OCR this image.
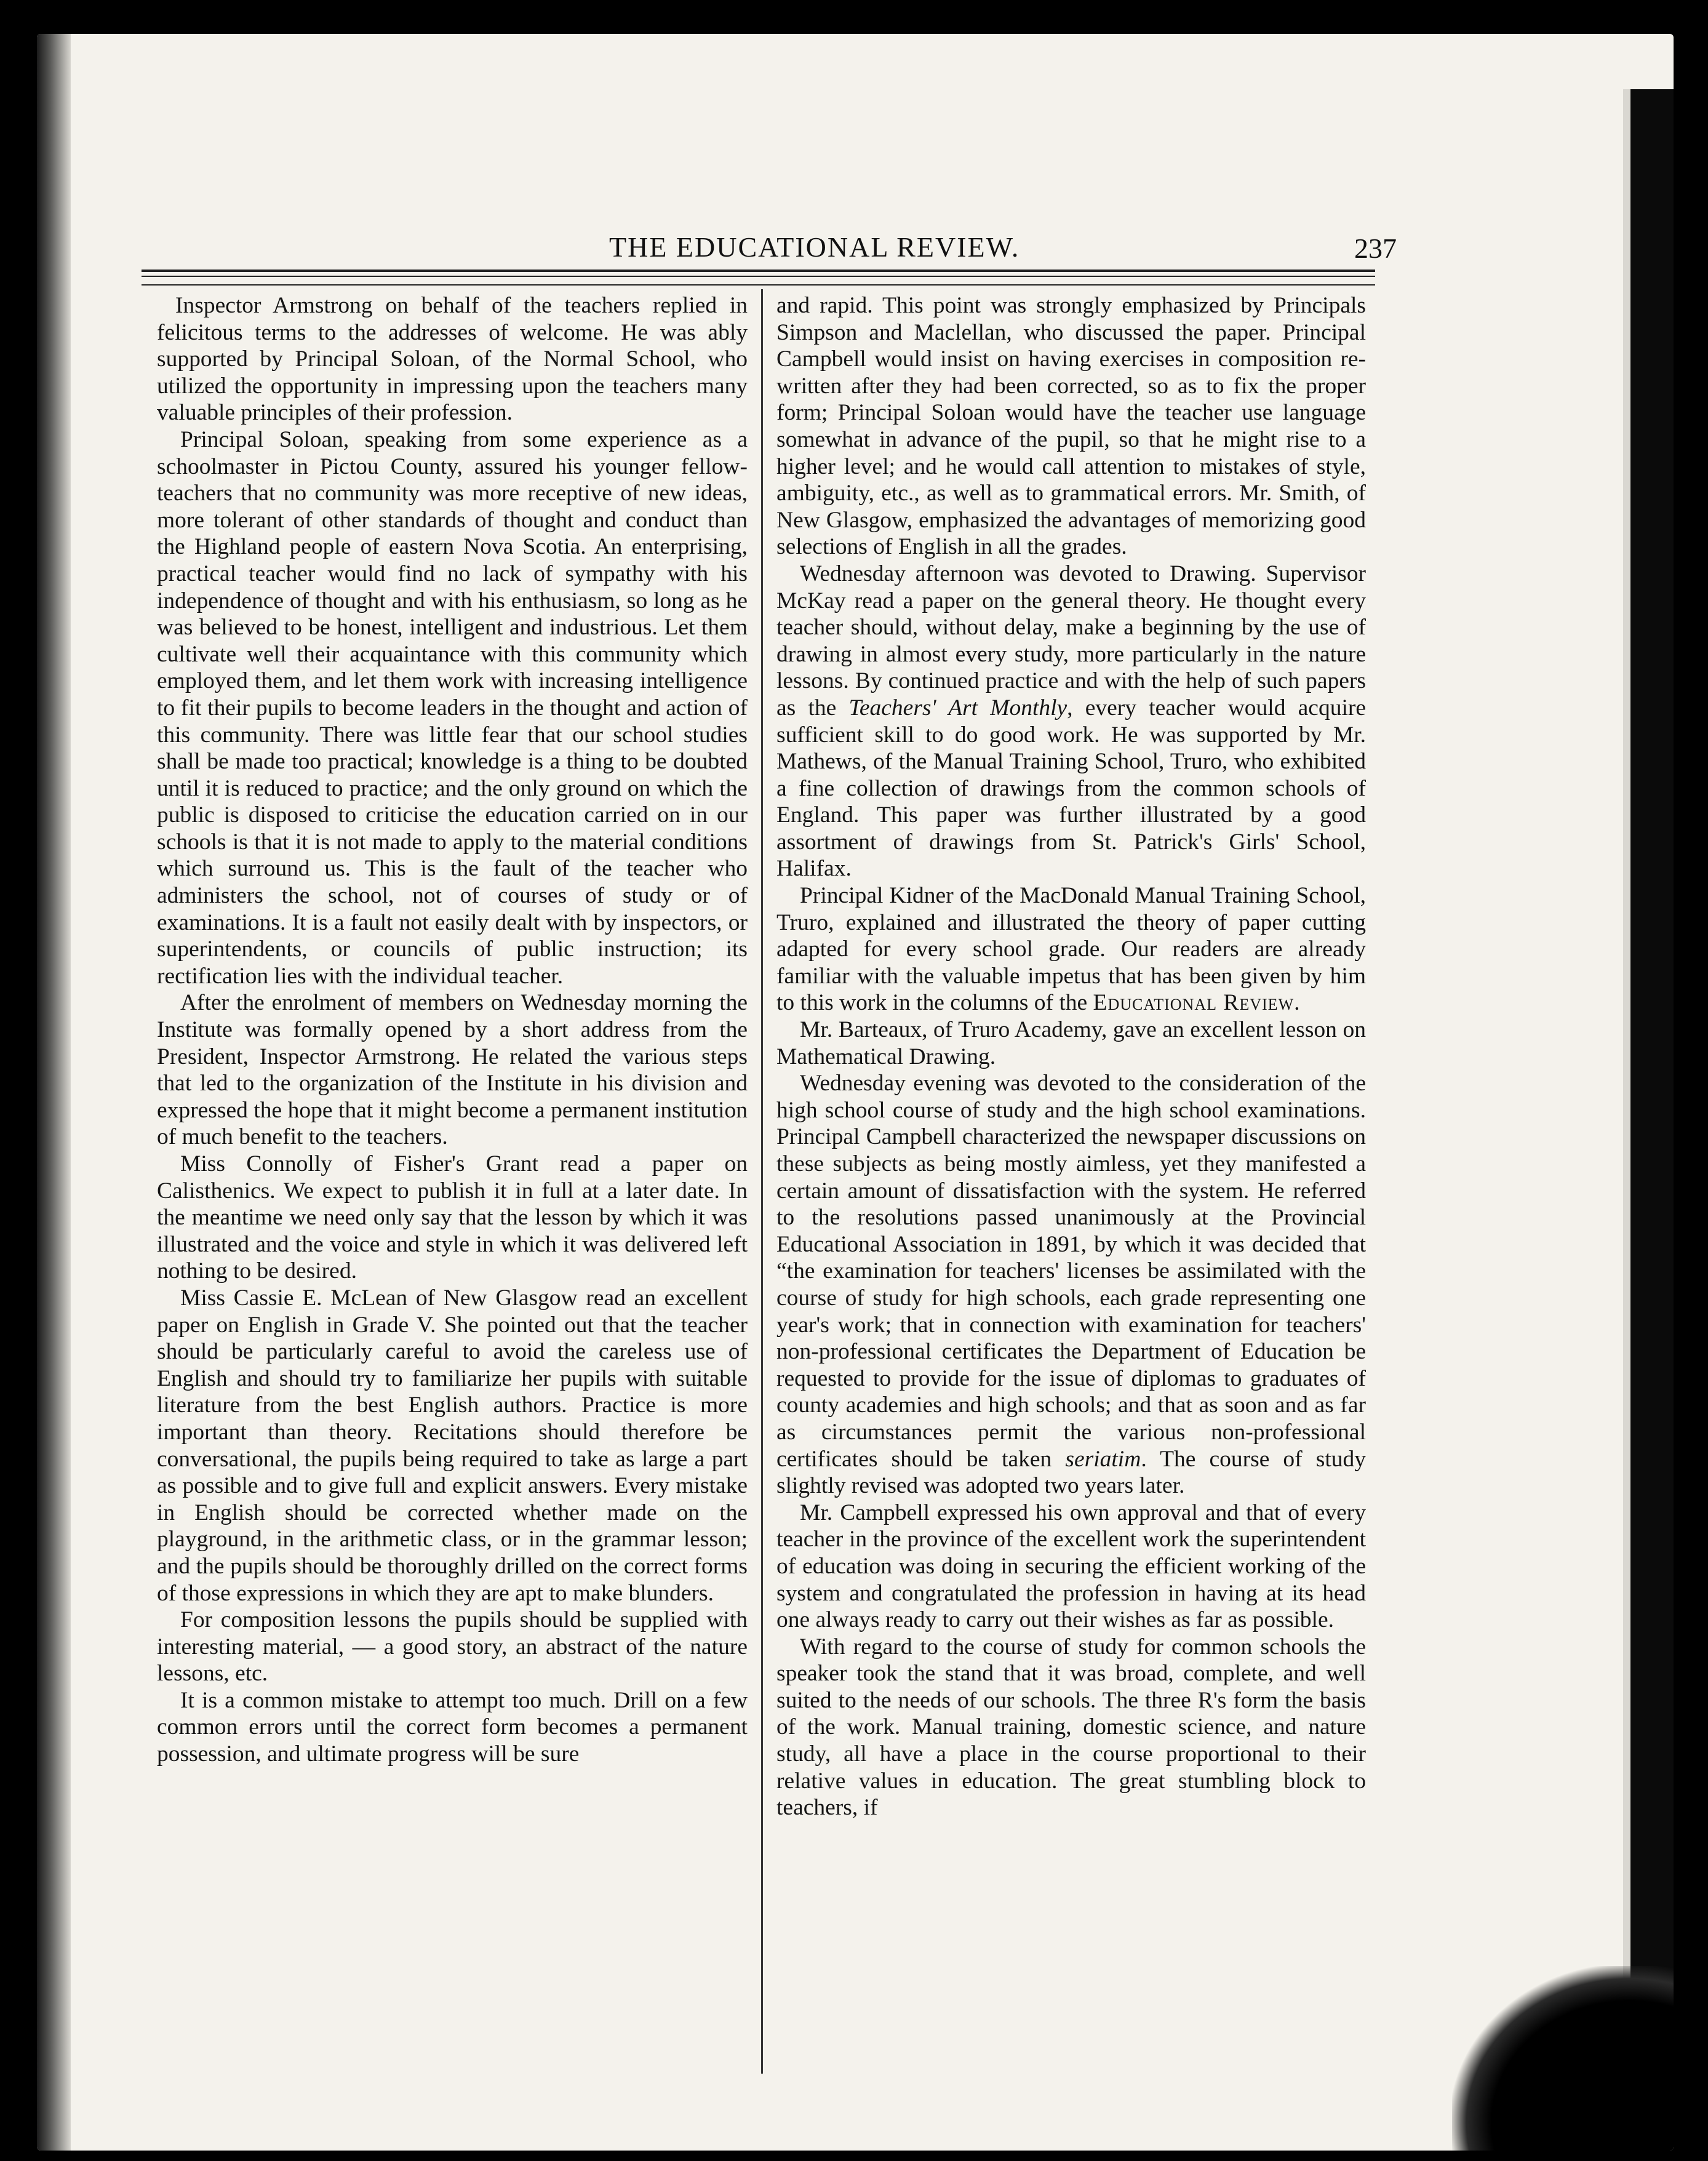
THE EDUCATIONAL REVIEW.	237

Inspector Armstrong on behalf of the teachers replied in felicitous terms to the addresses of welcome. He was ably supported by Principal Soloan, of the Normal School, who utilized the opportunity in impressing upon the teachers many valuable principles of their profession.

Principal Soloan, speaking from some experience as a schoolmaster in Pictou County, assured his younger fellow-teachers that no community was more receptive of new ideas, more tolerant of other standards of thought and conduct than the Highland people of eastern Nova Scotia. An enterprising, practical teacher would find no lack of sympathy with his independence of thought and with his enthusiasm, so long as he was believed to be honest, intelligent and industrious. Let them cultivate well their acquaintance with this community which employed them, and let them work with increasing intelligence to fit their pupils to become leaders in the thought and action of this community. There was little fear that our school studies shall be made too practical; knowledge is a thing to be doubted until it is reduced to practice; and the only ground on which the public is disposed to criticise the education carried on in our schools is that it is not made to apply to the material conditions which surround us. This is the fault of the teacher who administers the school, not of courses of study or of examinations. It is a fault not easily dealt with by inspectors, or superintendents, or councils of public instruction; its rectification lies with the individual teacher.

After the enrolment of members on Wednesday morning the Institute was formally opened by a short address from the President, Inspector Armstrong. He related the various steps that led to the organization of the Institute in his division and expressed the hope that it might become a permanent institution of much benefit to the teachers.

Miss Connolly of Fisher's Grant read a paper on Calisthenics. We expect to publish it in full at a later date. In the meantime we need only say that the lesson by which it was illustrated and the voice and style in which it was delivered left nothing to be desired.

Miss Cassie E. McLean of New Glasgow read an excellent paper on English in Grade V. She pointed out that the teacher should be particularly careful to avoid the careless use of English and should try to familiarize her pupils with suitable literature from the best English authors. Practice is more important than theory. Recitations should therefore be conversational, the pupils being required to take as large a part as possible and to give full and explicit answers. Every mistake in English should be corrected whether made on the playground, in the arithmetic class, or in the grammar lesson; and the pupils should be thoroughly drilled on the correct forms of those expressions in which they are apt to make blunders.

For composition lessons the pupils should be supplied with interesting material, — a good story, an abstract of the nature lessons, etc.

It is a common mistake to attempt too much. Drill on a few common errors until the correct form becomes a permanent possession, and ultimate progress will be sure

and rapid. This point was strongly emphasized by Principals Simpson and Maclellan, who discussed the paper. Principal Campbell would insist on having exercises in composition re-written after they had been corrected, so as to fix the proper form; Principal Soloan would have the teacher use language somewhat in advance of the pupil, so that he might rise to a higher level; and he would call attention to mistakes of style, ambiguity, etc., as well as to grammatical errors. Mr. Smith, of New Glasgow, emphasized the advantages of memorizing good selections of English in all the grades.

Wednesday afternoon was devoted to Drawing. Supervisor McKay read a paper on the general theory. He thought every teacher should, without delay, make a beginning by the use of drawing in almost every study, more particularly in the nature lessons. By continued practice and with the help of such papers as the Teachers' Art Monthly, every teacher would acquire sufficient skill to do good work. He was supported by Mr. Mathews, of the Manual Training School, Truro, who exhibited a fine collection of drawings from the common schools of England. This paper was further illustrated by a good assortment of drawings from St. Patrick's Girls' School, Halifax.

Principal Kidner of the MacDonald Manual Training School, Truro, explained and illustrated the theory of paper cutting adapted for every school grade. Our readers are already familiar with the valuable impetus that has been given by him to this work in the columns of the Educational Review.

Mr. Barteaux, of Truro Academy, gave an excellent lesson on Mathematical Drawing.

Wednesday evening was devoted to the consideration of the high school course of study and the high school examinations. Principal Campbell characterized the newspaper discussions on these subjects as being mostly aimless, yet they manifested a certain amount of dissatisfaction with the system. He referred to the resolutions passed unanimously at the Provincial Educational Association in 1891, by which it was decided that “the examination for teachers' licenses be assimilated with the course of study for high schools, each grade representing one year's work; that in connection with examination for teachers' non-professional certificates the Department of Education be requested to provide for the issue of diplomas to graduates of county academies and high schools; and that as soon and as far as circumstances permit the various non-professional certificates should be taken seriatim. The course of study slightly revised was adopted two years later.

Mr. Campbell expressed his own approval and that of every teacher in the province of the excellent work the superintendent of education was doing in securing the efficient working of the system and congratulated the profession in having at its head one always ready to carry out their wishes as far as possible.

With regard to the course of study for common schools the speaker took the stand that it was broad, complete, and well suited to the needs of our schools. The three R's form the basis of the work. Manual training, domestic science, and nature study, all have a place in the course proportional to their relative values in education. The great stumbling block to teachers, if
